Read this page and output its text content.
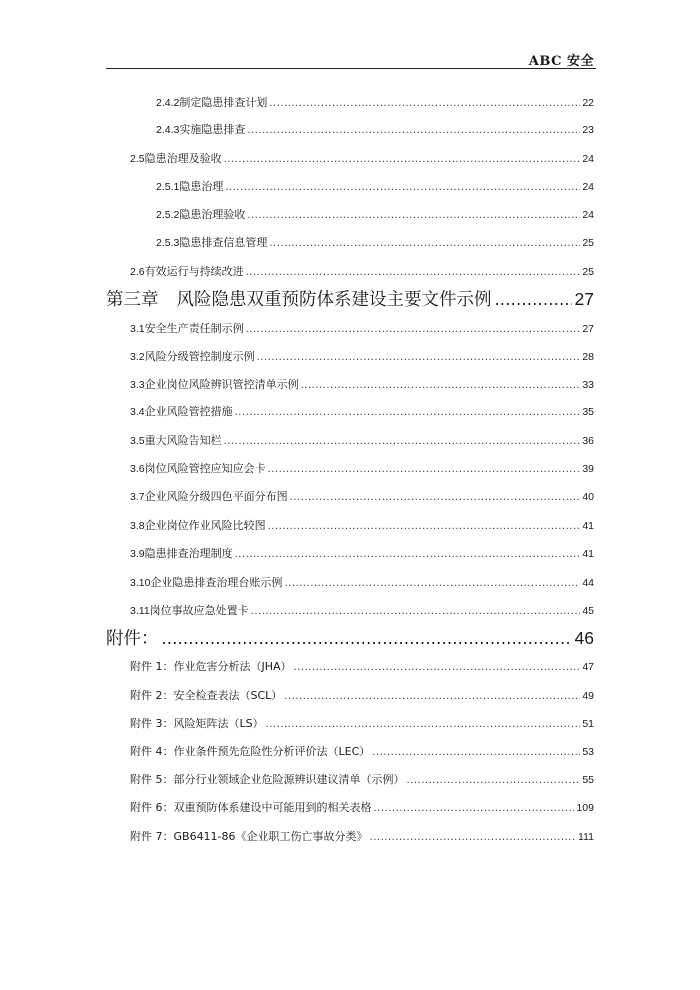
ABC 安全
2.4.2 制定隐患排查计划 .....	22
2.4.3 实施隐患排查 .....	23
2.5 隐患治理及验收 .....	24
2.5.1 隐患治理 .....	24
2.5.2 隐患治理验收 .....	24
2.5.3 隐患排查信息管理 .....	25
2.6 有效运行与持续改进 .....	25
第三章 风险隐患双重预防体系建设主要文件示例 .....	27
3.1 安全生产责任制示例 .....	27
3.2 风险分级管控制度示例 .....	28
3.3 企业岗位风险辨识管控清单示例 .....	33
3.4 企业风险管控措施 .....	35
3.5 重大风险告知栏 .....	36
3.6 岗位风险管控应知应会卡 .....	39
3.7 企业风险分级四色平面分布图 .....	40
3.8 企业岗位作业风险比较图 .....	41
3.9 隐患排查治理制度 .....	41
3.10 企业隐患排查治理台账示例 .....	44
3.11 岗位事故应急处置卡 .....	45
附件： .....	46
附件 1：作业危害分析法（JHA） .....	47
附件 2：安全检查表法（SCL） .....	49
附件 3：风险矩阵法（LS） .....	51
附件 4：作业条件预先危险性分析评价法（LEC） .....	53
附件 5：部分行业领域企业危险源辨识建议清单（示例） .....	55
附件 6：双重预防体系建设中可能用到的相关表格 .....	109
附件 7：GB6411-86《企业职工伤亡事故分类》 .....	111
